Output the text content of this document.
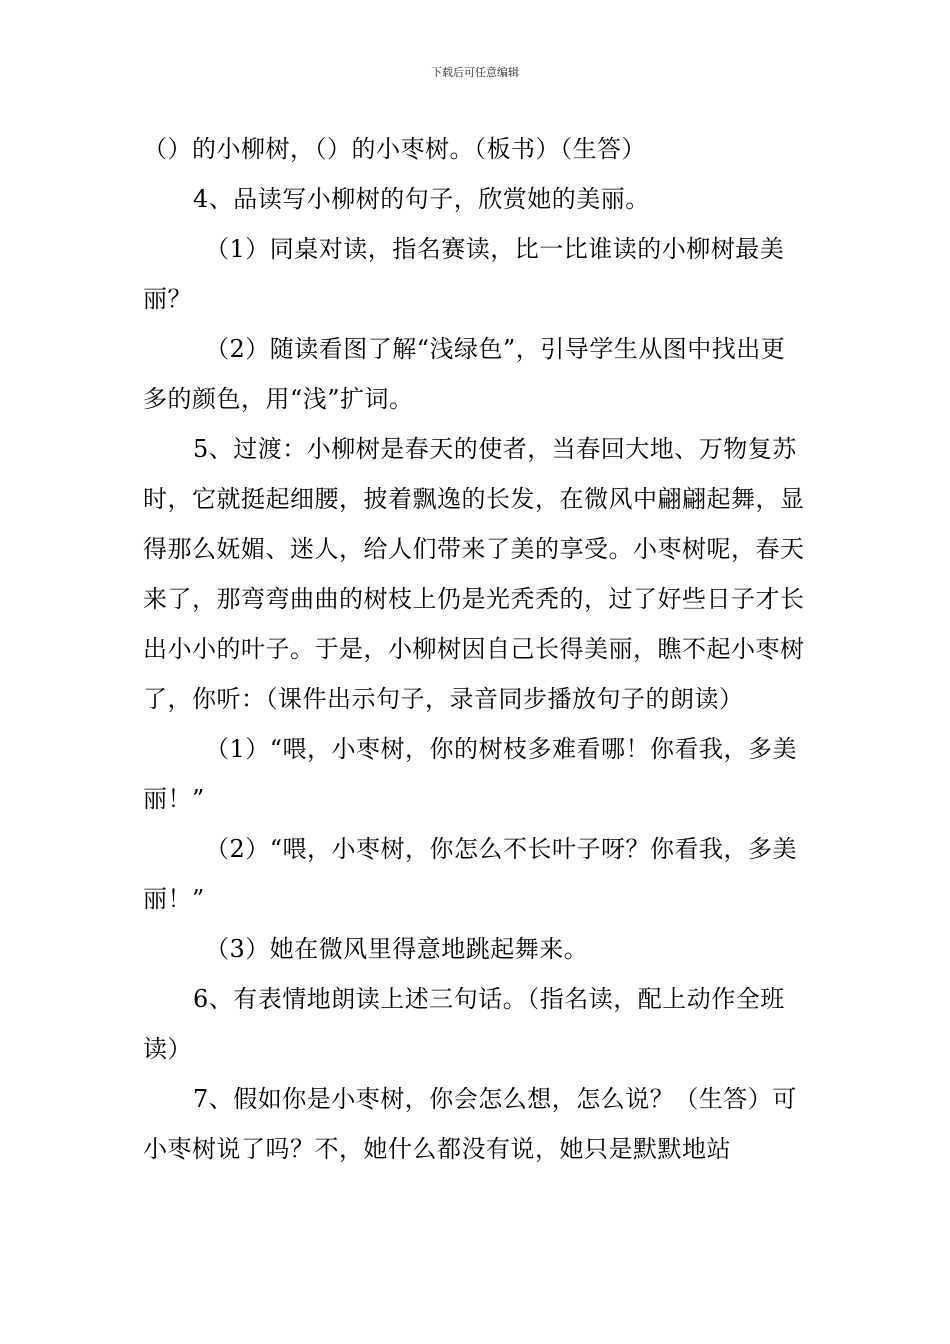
下载后可任意编辑

（）的小柳树，（）的小枣树。（板书）（生答）

4、品读写小柳树的句子，欣赏她的美丽。

（1）同桌对读，指名赛读，比一比谁读的小柳树最美丽？

（2）随读看图了解“浅绿色”，引导学生从图中找出更多的颜色，用“浅”扩词。

5、过渡：小柳树是春天的使者，当春回大地、万物复苏时，它就挺起细腰，披着飘逸的长发，在微风中翩翩起舞，显得那么妩媚、迷人，给人们带来了美的享受。小枣树呢，春天来了，那弯弯曲曲的树枝上仍是光秃秃的，过了好些日子才长出小小的叶子。于是，小柳树因自己长得美丽，瞧不起小枣树了，你听：（课件出示句子，录音同步播放句子的朗读）

（1）“喂，小枣树，你的树枝多难看哪！你看我，多美丽！”

（2）“喂，小枣树，你怎么不长叶子呀？你看我，多美丽！”

（3）她在微风里得意地跳起舞来。

6、有表情地朗读上述三句话。（指名读，配上动作全班读）

7、假如你是小枣树，你会怎么想，怎么说？（生答）可小枣树说了吗？不，她什么都没有说，她只是默默地站
